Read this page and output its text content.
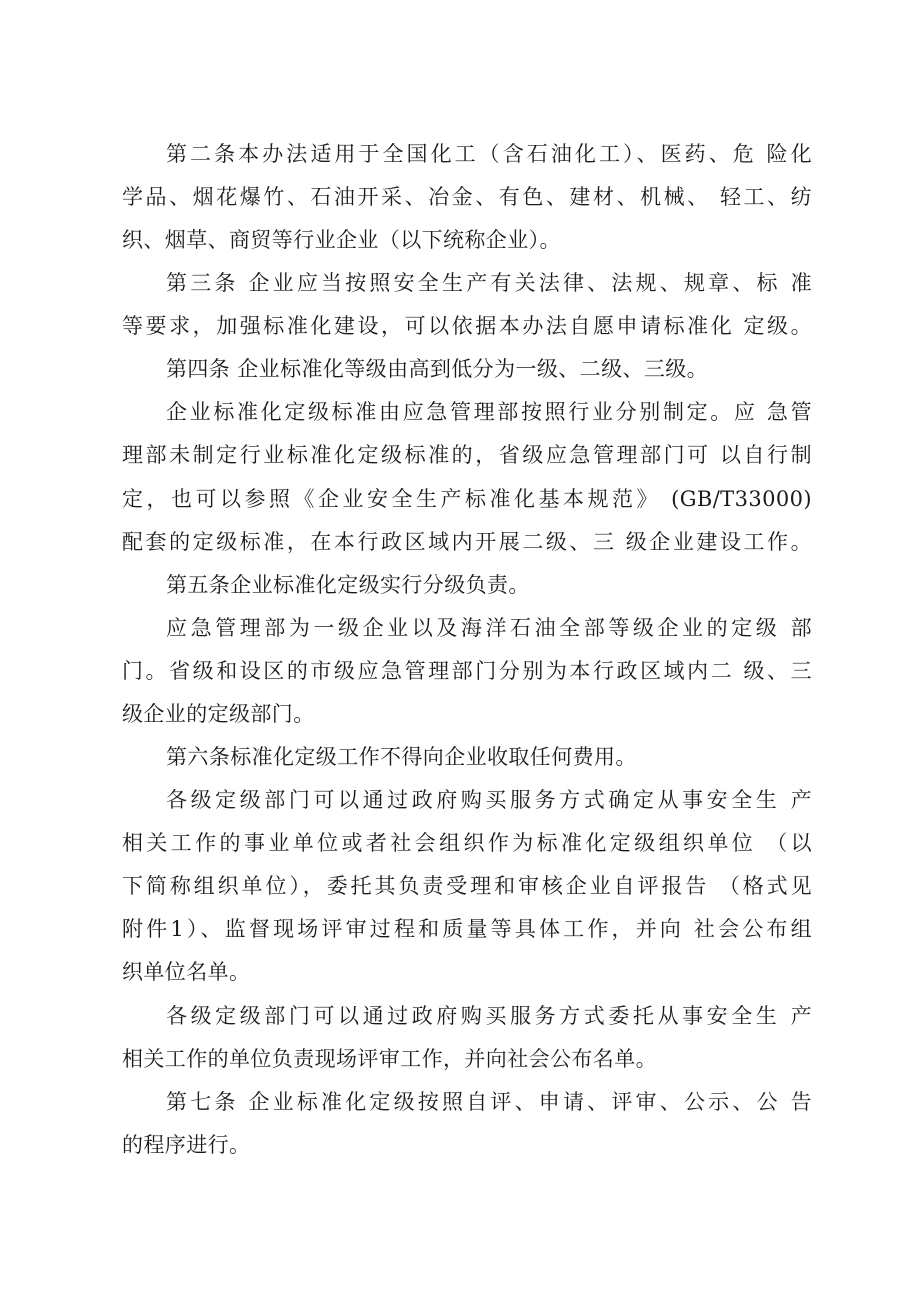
第二条本办法适用于全国化工（含石油化工）、医药、危 险化
学品、烟花爆竹、石油开采、冶金、有色、建材、机械、 轻工、纺
织、烟草、商贸等行业企业（以下统称企业）。
第三条 企业应当按照安全生产有关法律、法规、规章、标 准
等要求，加强标准化建设，可以依据本办法自愿申请标准化 定级。
第四条 企业标准化等级由高到低分为一级、二级、三级。
企业标准化定级标准由应急管理部按照行业分别制定。应 急管
理部未制定行业标准化定级标准的，省级应急管理部门可 以自行制
定，也可以参照《企业安全生产标准化基本规范》 (GB/T33000)
配套的定级标准，在本行政区域内开展二级、三 级企业建设工作。
第五条企业标准化定级实行分级负责。
应急管理部为一级企业以及海洋石油全部等级企业的定级 部
门。省级和设区的市级应急管理部门分别为本行政区域内二 级、三
级企业的定级部门。
第六条标准化定级工作不得向企业收取任何费用。
各级定级部门可以通过政府购买服务方式确定从事安全生 产
相关工作的事业单位或者社会组织作为标准化定级组织单位 （以
下简称组织单位），委托其负责受理和审核企业自评报告 （格式见
附件1）、监督现场评审过程和质量等具体工作，并向 社会公布组
织单位名单。
各级定级部门可以通过政府购买服务方式委托从事安全生 产
相关工作的单位负责现场评审工作，并向社会公布名单。
第七条 企业标准化定级按照自评、申请、评审、公示、公 告
的程序进行。
